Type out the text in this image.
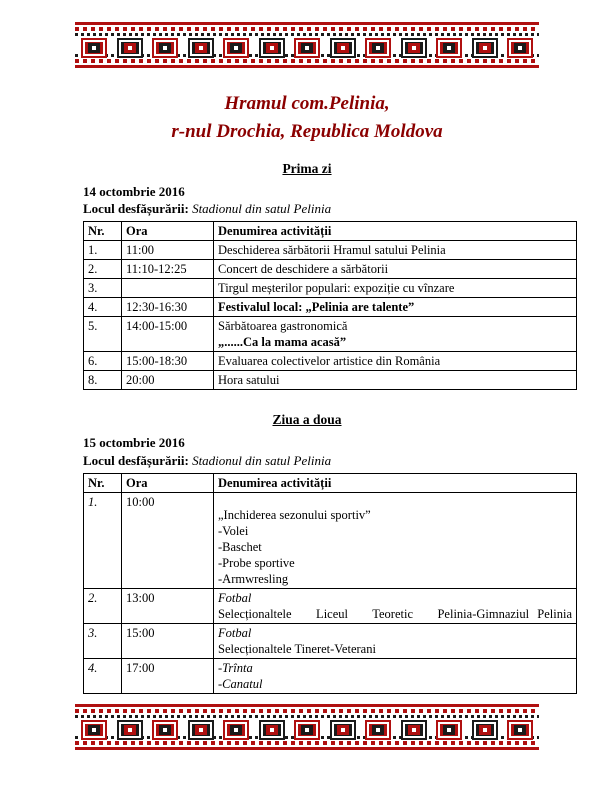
Hramul com.Pelinia,
r-nul Drochia, Republica Moldova
Prima zi
14 octombrie 2016
Locul desfășurării: Stadionul din satul Pelinia
Nr.	Ora	Denumirea activității
1.	11:00	Deschiderea sărbătorii Hramul satului Pelinia
2.	11:10-12:25	Concert de deschidere a sărbătorii
3.		Tirgul meșterilor populari: expoziție cu vînzare
4.	12:30-16:30	Festivalul local: „Pelinia are talente”
5.	14:00-15:00	Sărbătoarea gastronomică
„......Ca la mama acasă”

6.	15:00-18:30	Evaluarea colectivelor artistice din România
8.	20:00	Hora satului
Ziua a doua
15 octombrie 2016
Locul desfășurării: Stadionul din satul Pelinia
Nr.	Ora	Denumirea activității
1.	10:00	„Inchiderea sezonului sportiv”
-Volei
-Baschet
-Probe sportive
-Armwresling

2.	13:00	Fotbal
Selecționaltele   Liceul   Teoretic   Pelinia-Gimnaziul Pelinia

3.	15:00	Fotbal
Selecționaltele Tineret-Veterani

4.	17:00	-Trînta
-Canatul
